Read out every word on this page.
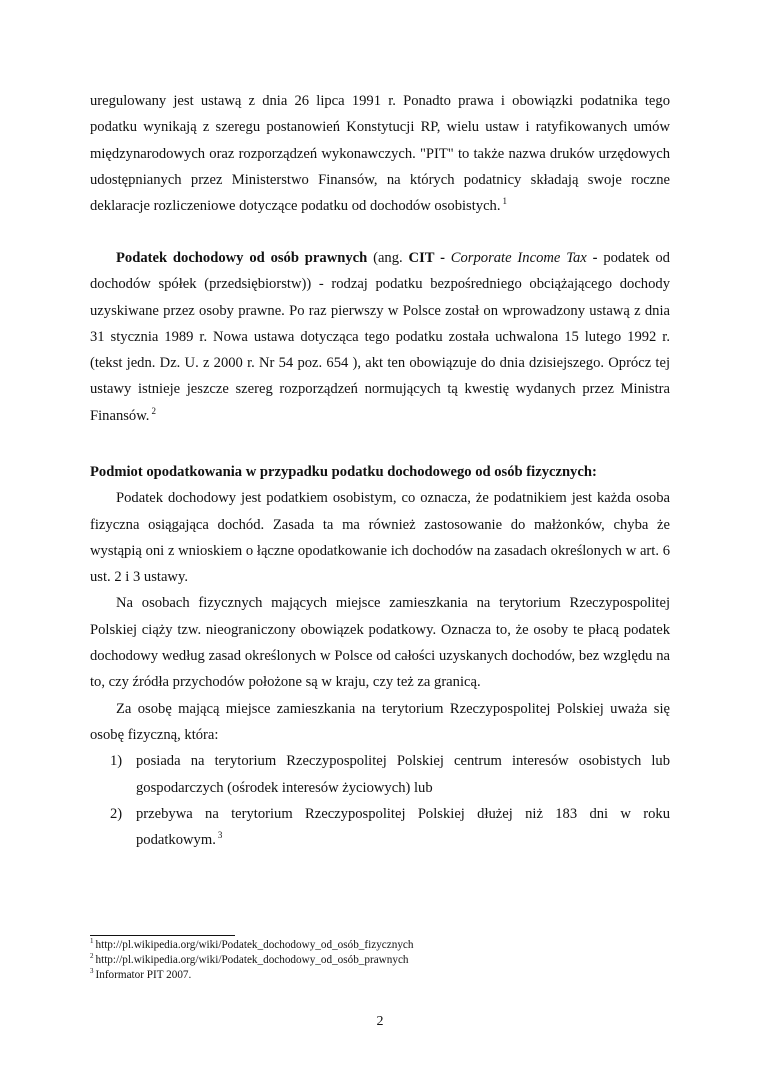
uregulowany jest ustawą z dnia 26 lipca 1991 r. Ponadto prawa i obowiązki podatnika tego podatku wynikają z szeregu postanowień Konstytucji RP, wielu ustaw i ratyfikowanych umów międzynarodowych oraz rozporządzeń wykonawczych. "PIT" to także nazwa druków urzędowych udostępnianych przez Ministerstwo Finansów, na których podatnicy składają swoje roczne deklaracje rozliczeniowe dotyczące podatku od dochodów osobistych. $^1$

Podatek dochodowy od osób prawnych (ang. CIT - Corporate Income Tax - podatek od dochodów spółek (przedsiębiorstw)) - rodzaj podatku bezpośredniego obciążającego dochody uzyskiwane przez osoby prawne. Po raz pierwszy w Polsce został on wprowadzony ustawą z dnia 31 stycznia 1989 r. Nowa ustawa dotycząca tego podatku została uchwalona 15 lutego 1992 r. (tekst jedn. Dz. U. z 2000 r. Nr 54 poz. 654 ), akt ten obowiązuje do dnia dzisiejszego. Oprócz tej ustawy istnieje jeszcze szereg rozporządzeń normujących tą kwestię wydanych przez Ministra Finansów. $^2$

Podmiot opodatkowania w przypadku podatku dochodowego od osób fizycznych:

Podatek dochodowy jest podatkiem osobistym, co oznacza, że podatnikiem jest każda osoba fizyczna osiągająca dochód. Zasada ta ma również zastosowanie do małżonków, chyba że wystąpią oni z wnioskiem o łączne opodatkowanie ich dochodów na zasadach określonych w art. 6 ust. 2 i 3 ustawy.

Na osobach fizycznych mających miejsce zamieszkania na terytorium Rzeczypospolitej Polskiej ciąży tzw. nieograniczony obowiązek podatkowy. Oznacza to, że osoby te płacą podatek dochodowy według zasad określonych w Polsce od całości uzyskanych dochodów, bez względu na to, czy źródła przychodów położone są w kraju, czy też za granicą.

Za osobę mającą miejsce zamieszkania na terytorium Rzeczypospolitej Polskiej uważa się osobę fizyczną, która:

1) posiada na terytorium Rzeczypospolitej Polskiej centrum interesów osobistych lub gospodarczych (ośrodek interesów życiowych) lub
2) przebywa na terytorium Rzeczypospolitej Polskiej dłużej niż 183 dni w roku podatkowym. $^3$
$^1$ http://pl.wikipedia.org/wiki/Podatek_dochodowy_od_osób_fizycznych
$^2$ http://pl.wikipedia.org/wiki/Podatek_dochodowy_od_osób_prawnych
$^3$ Informator PIT 2007.
2
